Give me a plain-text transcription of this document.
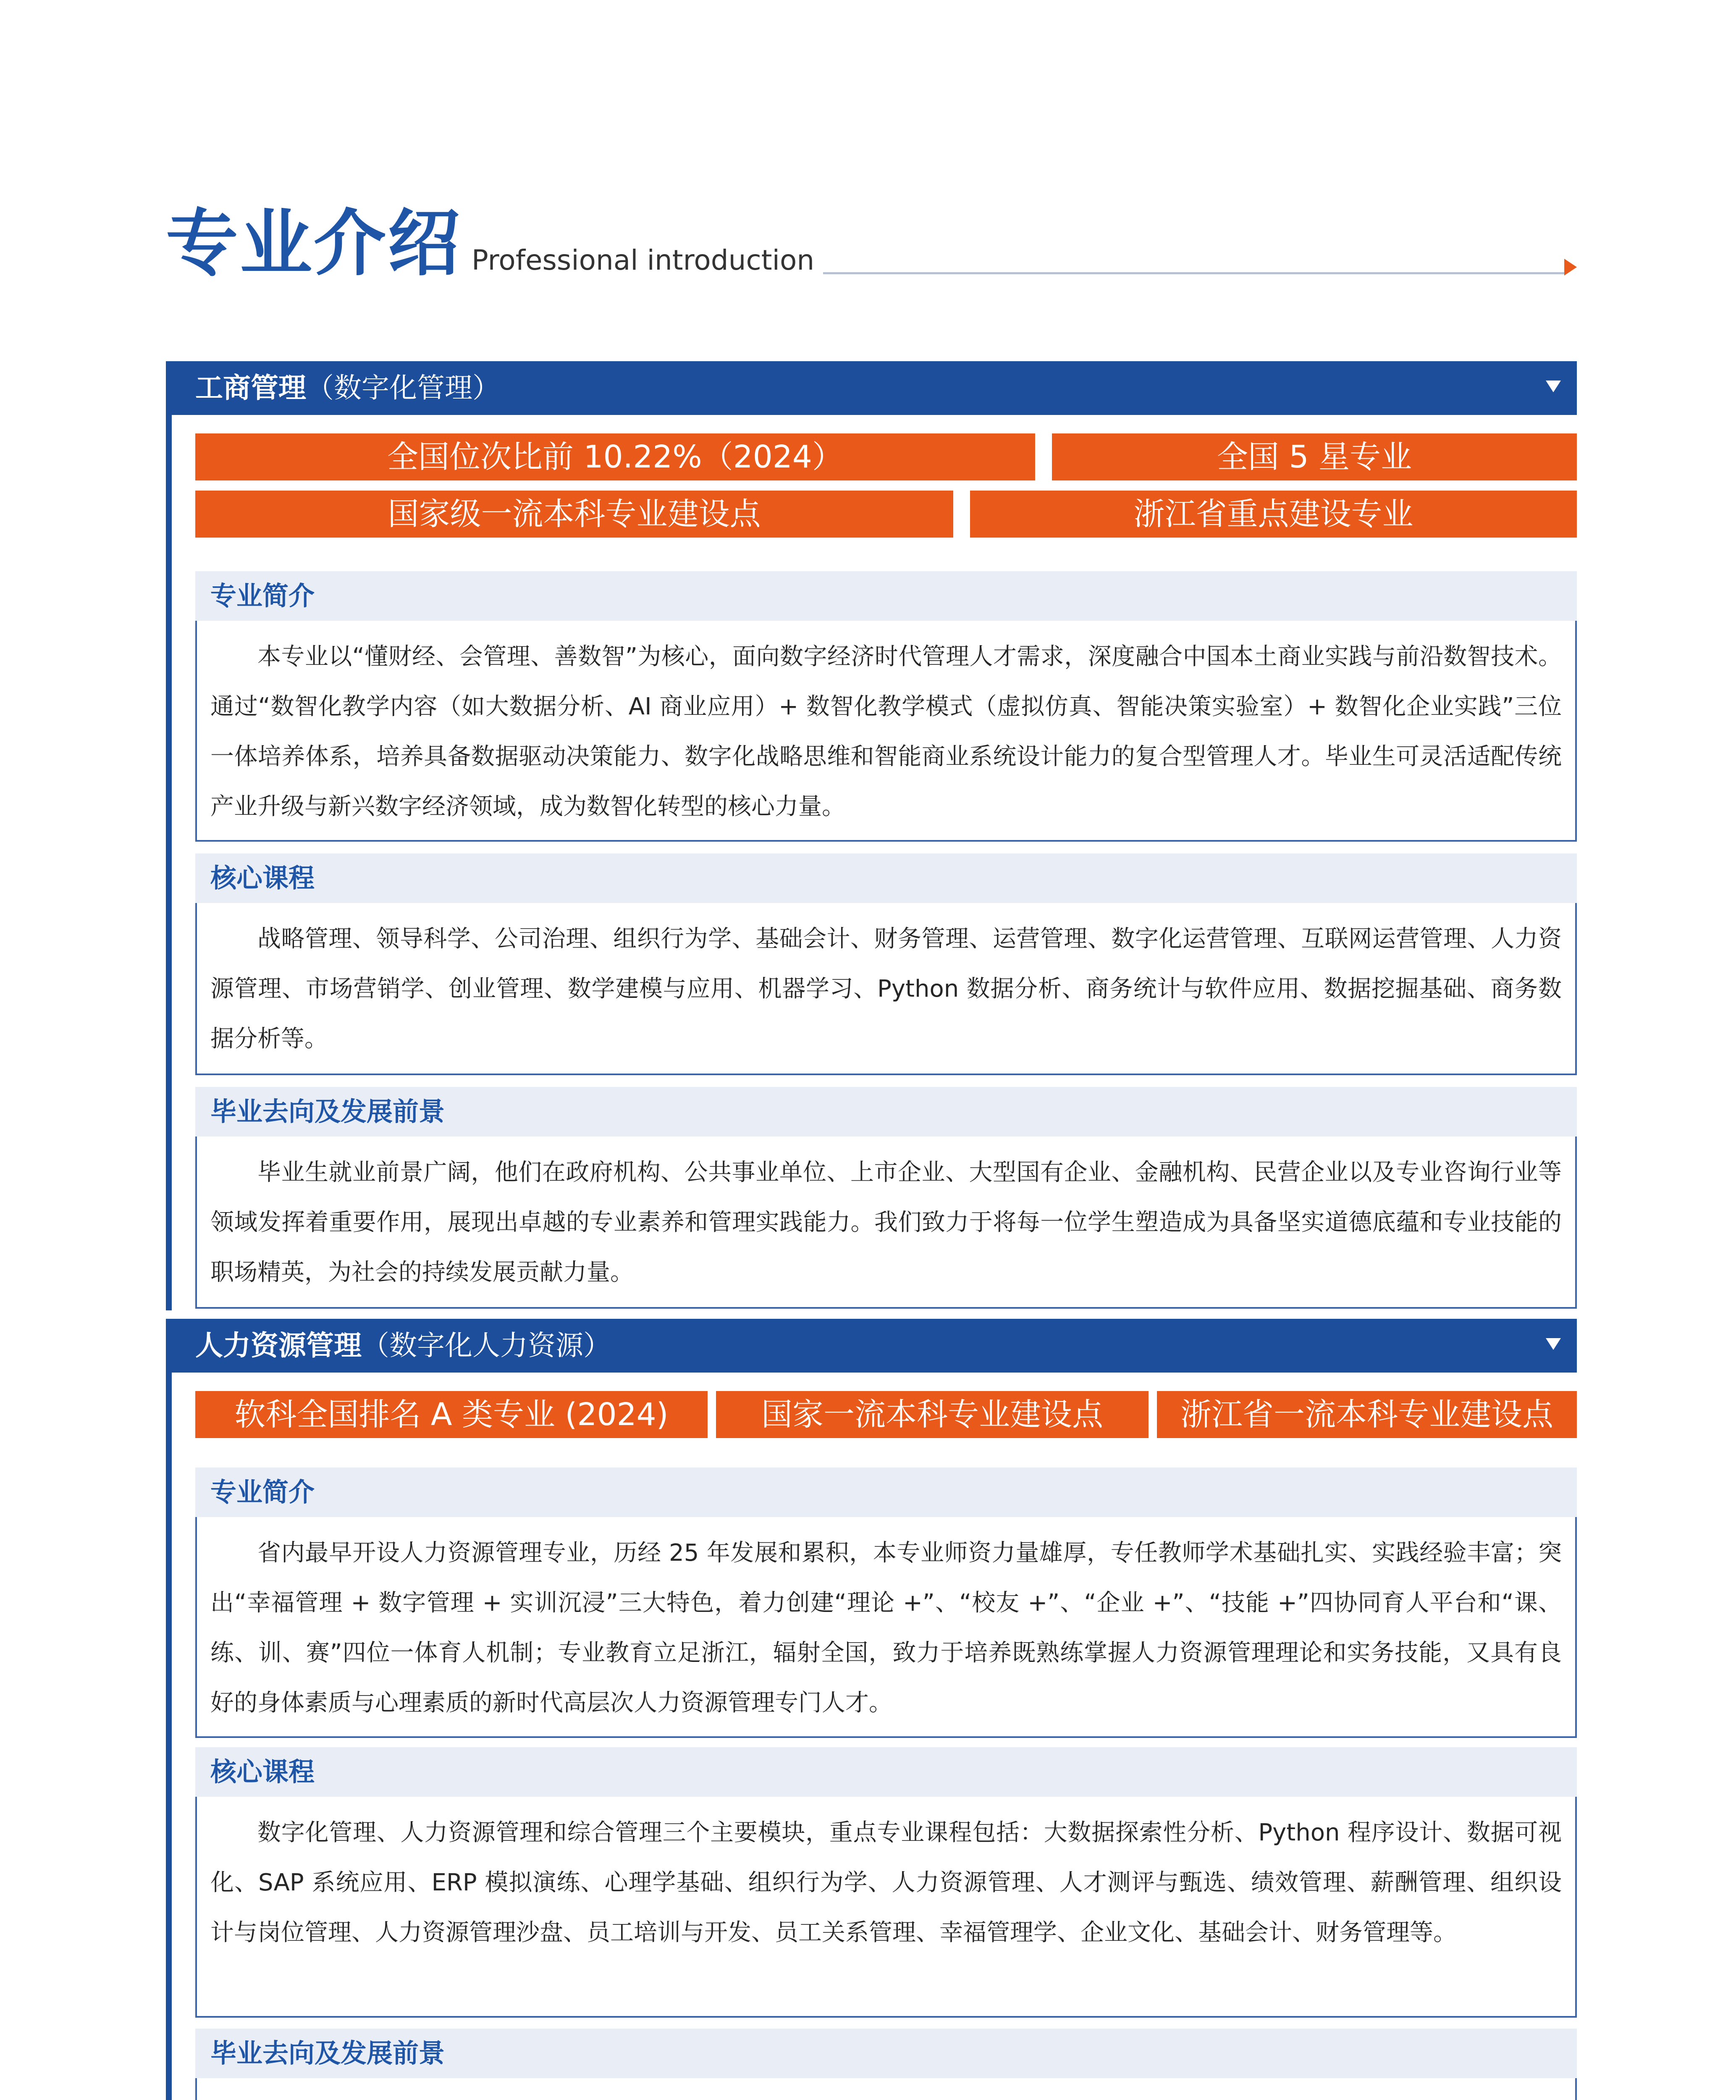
专业介绍 Professional introduction
工商管理（数字化管理）
全国位次比前 10.22%（2024）	全国 5 星专业
国家级一流本科专业建设点	浙江省重点建设专业
专业简介
本专业以“懂财经、会管理、善数智”为核心，面向数字经济时代管理人才需求，深度融合中国本土商业实践与前沿数智技术。通过“数智化教学内容（如大数据分析、AI 商业应用）+ 数智化教学模式（虚拟仿真、智能决策实验室）+ 数智化企业实践”三位一体培养体系，培养具备数据驱动决策能力、数字化战略思维和智能商业系统设计能力的复合型管理人才。毕业生可灵活适配传统产业升级与新兴数字经济领域，成为数智化转型的核心力量。
核心课程
战略管理、领导科学、公司治理、组织行为学、基础会计、财务管理、运营管理、数字化运营管理、互联网运营管理、人力资源管理、市场营销学、创业管理、数学建模与应用、机器学习、Python 数据分析、商务统计与软件应用、数据挖掘基础、商务数据分析等。
毕业去向及发展前景
毕业生就业前景广阔，他们在政府机构、公共事业单位、上市企业、大型国有企业、金融机构、民营企业以及专业咨询行业等领域发挥着重要作用，展现出卓越的专业素养和管理实践能力。我们致力于将每一位学生塑造成为具备坚实道德底蕴和专业技能的职场精英，为社会的持续发展贡献力量。
人力资源管理（数字化人力资源）
软科全国排名 A 类专业 (2024)	国家一流本科专业建设点	浙江省一流本科专业建设点
专业简介
省内最早开设人力资源管理专业，历经 25 年发展和累积，本专业师资力量雄厚，专任教师学术基础扎实、实践经验丰富；突出“幸福管理 + 数字管理 + 实训沉浸”三大特色，着力创建“理论 +”、“校友 +”、“企业 +”、“技能 +”四协同育人平台和“课、练、训、赛”四位一体育人机制；专业教育立足浙江，辐射全国，致力于培养既熟练掌握人力资源管理理论和实务技能，又具有良好的身体素质与心理素质的新时代高层次人力资源管理专门人才。
核心课程
数字化管理、人力资源管理和综合管理三个主要模块，重点专业课程包括：大数据探索性分析、Python 程序设计、数据可视化、SAP 系统应用、ERP 模拟演练、心理学基础、组织行为学、人力资源管理、人才测评与甄选、绩效管理、薪酬管理、组织设计与岗位管理、人力资源管理沙盘、员工培训与开发、员工关系管理、幸福管理学、企业文化、基础会计、财务管理等。
毕业去向及发展前景
